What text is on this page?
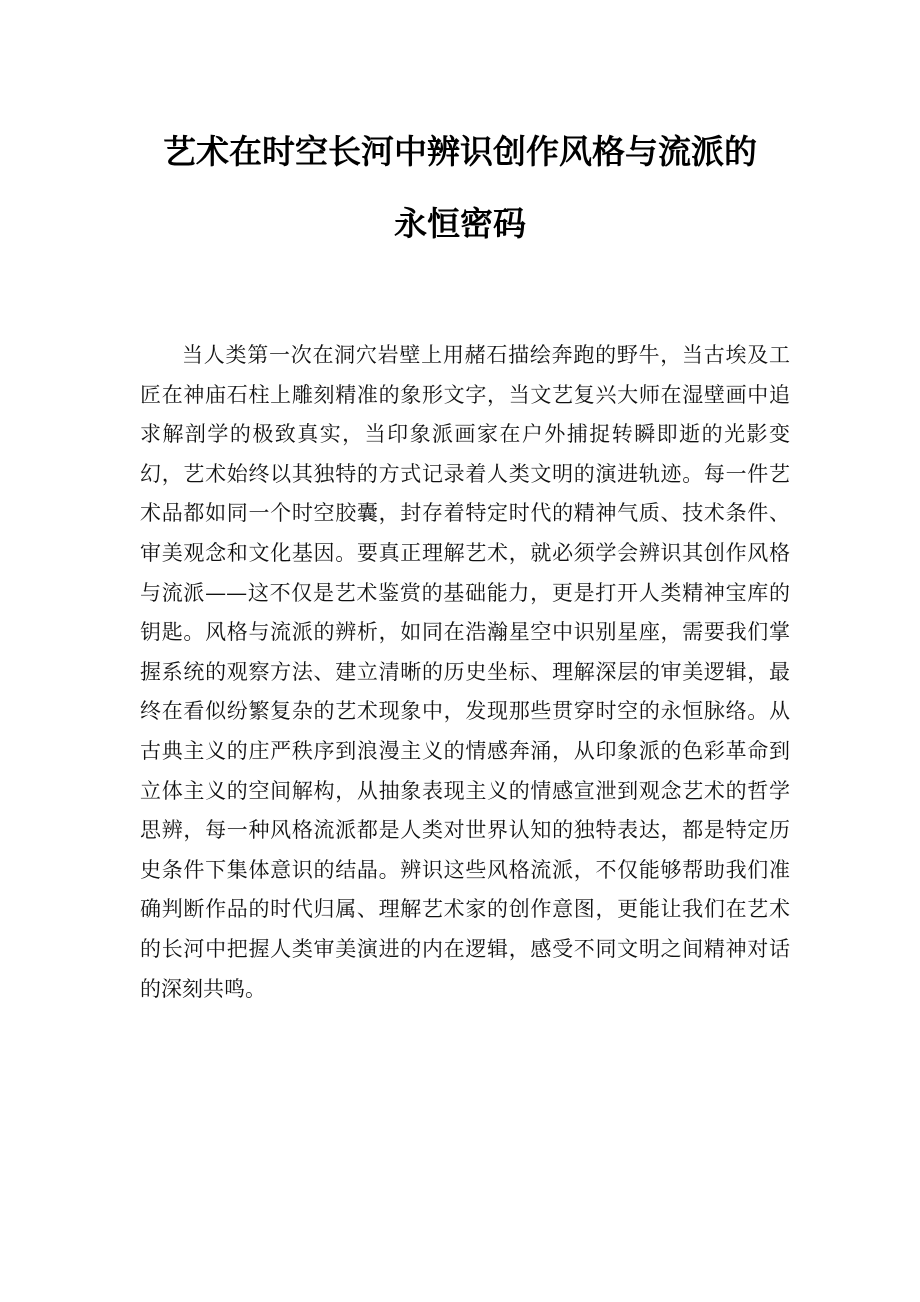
艺术在时空长河中辨识创作风格与流派的
永恒密码

当人类第一次在洞穴岩壁上用赭石描绘奔跑的野牛，当古埃及工匠在神庙石柱上雕刻精准的象形文字，当文艺复兴大师在湿壁画中追求解剖学的极致真实，当印象派画家在户外捕捉转瞬即逝的光影变幻，艺术始终以其独特的方式记录着人类文明的演进轨迹。每一件艺术品都如同一个时空胶囊，封存着特定时代的精神气质、技术条件、审美观念和文化基因。要真正理解艺术，就必须学会辨识其创作风格与流派——这不仅是艺术鉴赏的基础能力，更是打开人类精神宝库的钥匙。风格与流派的辨析，如同在浩瀚星空中识别星座，需要我们掌握系统的观察方法、建立清晰的历史坐标、理解深层的审美逻辑，最终在看似纷繁复杂的艺术现象中，发现那些贯穿时空的永恒脉络。从古典主义的庄严秩序到浪漫主义的情感奔涌，从印象派的色彩革命到立体主义的空间解构，从抽象表现主义的情感宣泄到观念艺术的哲学思辨，每一种风格流派都是人类对世界认知的独特表达，都是特定历史条件下集体意识的结晶。辨识这些风格流派，不仅能够帮助我们准确判断作品的时代归属、理解艺术家的创作意图，更能让我们在艺术的长河中把握人类审美演进的内在逻辑，感受不同文明之间精神对话的深刻共鸣。
